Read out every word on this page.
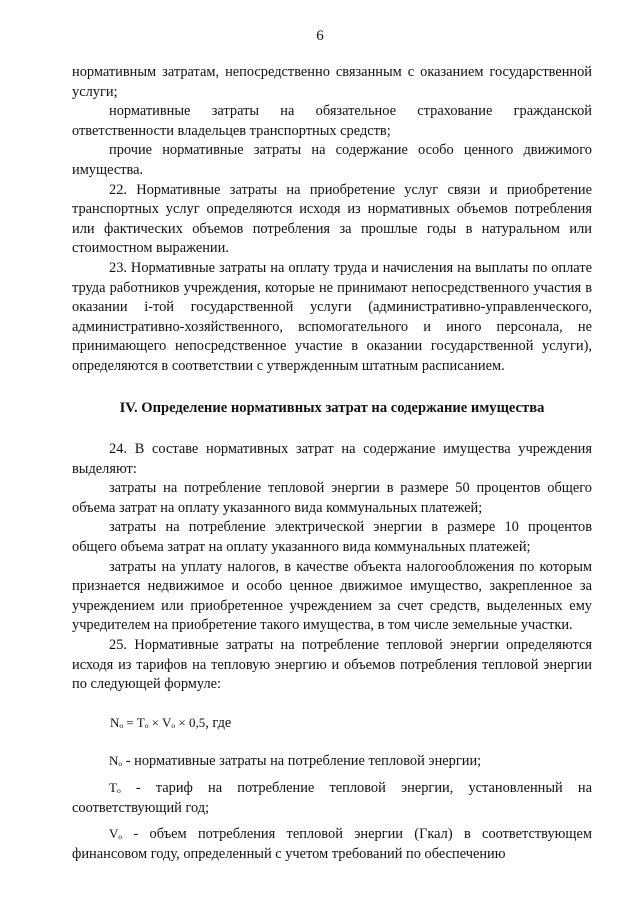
6

нормативным затратам, непосредственно связанным с оказанием государственной услуги;

нормативные затраты на обязательное страхование гражданской ответственности владельцев транспортных средств;

прочие нормативные затраты на содержание особо ценного движимого имущества.

22. Нормативные затраты на приобретение услуг связи и приобретение транспортных услуг определяются исходя из нормативных объемов потребления или фактических объемов потребления за прошлые годы в натуральном или стоимостном выражении.

23. Нормативные затраты на оплату труда и начисления на выплаты по оплате труда работников учреждения, которые не принимают непосредственного участия в оказании i-той государственной услуги (административно-управленческого, административно-хозяйственного, вспомогательного и иного персонала, не принимающего непосредственное участие в оказании государственной услуги), определяются в соответствии с утвержденным штатным расписанием.

IV. Определение нормативных затрат на содержание имущества

24. В составе нормативных затрат на содержание имущества учреждения выделяют:

затраты на потребление тепловой энергии в размере 50 процентов общего объема затрат на оплату указанного вида коммунальных платежей;

затраты на потребление электрической энергии в размере 10 процентов общего объема затрат на оплату указанного вида коммунальных платежей;

затраты на уплату налогов, в качестве объекта налогообложения по которым признается недвижимое и особо ценное движимое имущество, закрепленное за учреждением или приобретенное учреждением за счет средств, выделенных ему учредителем на приобретение такого имущества, в том числе земельные участки.

25. Нормативные затраты на потребление тепловой энергии определяются исходя из тарифов на тепловую энергию и объемов потребления тепловой энергии по следующей формуле:

Nₒ = Tₒ × Vₒ × 0,5, где

Nₒ - нормативные затраты на потребление тепловой энергии;

Tₒ - тариф на потребление тепловой энергии, установленный на соответствующий год;

Vₒ - объем потребления тепловой энергии (Гкал) в соответствующем финансовом году, определенный с учетом требований по обеспечению
